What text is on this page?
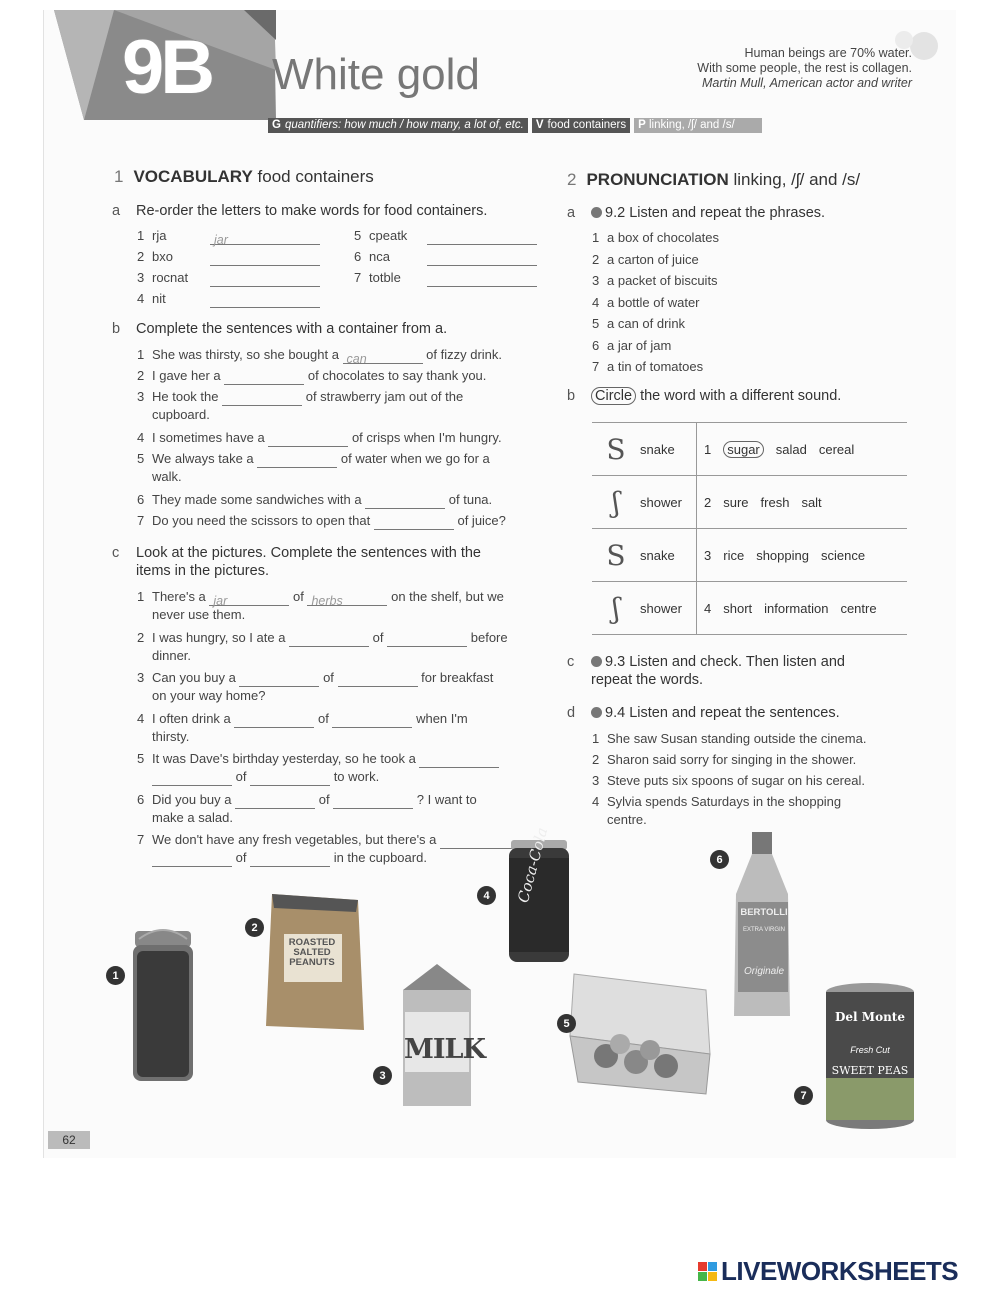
9B White gold	Human beings are 70% water.
With some people, the rest is collagen.
Martin Mull, American actor and writer
G quantifiers: how much / how many, a lot of, etc. V food containers	P linking, /ʃ/ and /s/
1 VOCABULARY food containers
a Re-order the letters to make words for food containers.
1 rja	jar
2 bxo
3 rocnat
4 nit
5 cpeatk
6 nca
7 totble
b Complete the sentences with a container from a.
1 She was thirsty, so she bought a can	of fizzy drink.
2 I gave her a	of chocolates to say thank you.
3 He took the	of strawberry jam out of the
cupboard.
4 I sometimes have a	of crisps when I'm hungry.
5 We always take a	of water when we go for a
walk.
6 They made some sandwiches with a	of tuna.
7 Do you need the scissors to open that	of juice?
c Look at the pictures. Complete the sentences with the
items in the pictures.
1 There's a jar	of herbs	on the shelf, but we
never use them.
2 I was hungry, so I ate a	of	before
dinner.
3 Can you buy a	of	for breakfast
on your way home?
4 I often drink a	of	when I'm
thirsty.
5 It was Dave's birthday yesterday, so he took a
of	to work.
6 Did you buy a	of	? I want to
make a salad.
7 We don't have any fresh vegetables, but there's a
of	in the cupboard.
2 PRONUNCIATION linking, /ʃ/ and /s/
a 9.2 Listen and repeat the phrases.
1 a box of chocolates
2 a carton of juice
3 a packet of biscuits
4 a bottle of water
5 a can of drink
6 a jar of jam
7 a tin of tomatoes
b Circle the word with a different sound.
S	snake	1	sugar	salad cereal
ʃ	shower	2 sure fresh salt
S	snake	3 rice shopping science
ʃ	shower	4 short information centre
c 9.3 Listen and check. Then listen and
repeat the words.
d 9.4 Listen and repeat the sentences.
1 She saw Susan standing outside the cinema.
2 Sharon said sorry for singing in the shower.
3 Steve puts six spoons of sugar on his cereal.
4 Sylvia spends Saturdays in the shopping
centre.
ROASTED
SALTED
PEANUTS
MILK
Coca-Cola
BERTOLLI
EXTRA VIRGIN
Originale
Del Monte
Fresh Cut
SWEET PEAS
1
2
3
4
5
6
7
62
LIVEWORKSHEETS
